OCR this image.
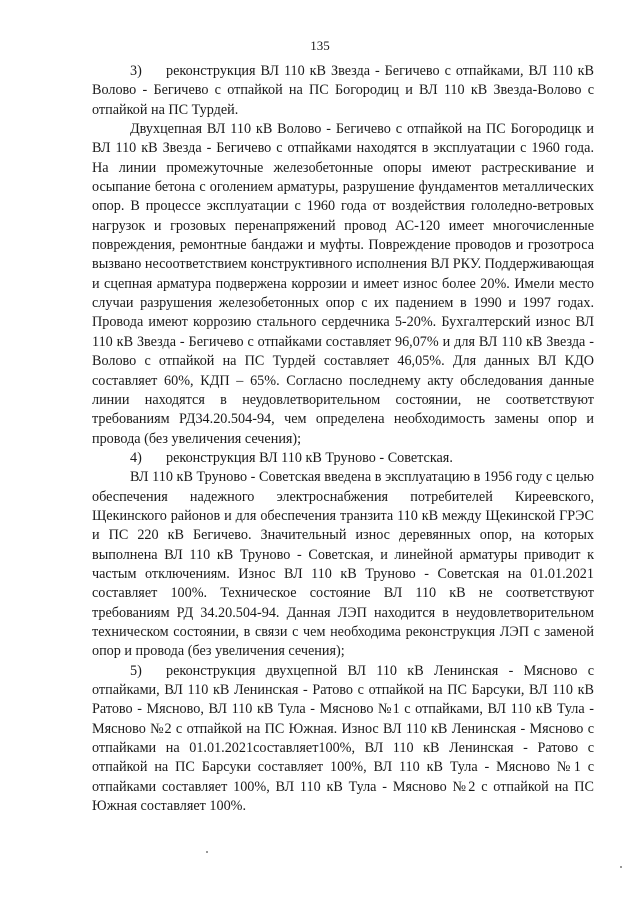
135
3) реконструкция ВЛ 110 кВ Звезда - Бегичево с отпайками, ВЛ 110 кВ Волово - Бегичево с отпайкой на ПС Богородиц и ВЛ 110 кВ Звезда-Волово с отпайкой на ПС Турдей.

Двухцепная ВЛ 110 кВ Волово - Бегичево с отпайкой на ПС Богородицк и ВЛ 110 кВ Звезда - Бегичево с отпайками находятся в эксплуатации с 1960 года. На линии промежуточные железобетонные опоры имеют растрескивание и осыпание бетона с оголением арматуры, разрушение фундаментов металлических опор. В процессе эксплуатации с 1960 года от воздействия гололедно-ветровых нагрузок и грозовых перенапряжений провод АС-120 имеет многочисленные повреждения, ремонтные бандажи и муфты. Повреждение проводов и грозотроса вызвано несоответствием конструктивного исполнения ВЛ РКУ. Поддерживающая и сцепная арматура подвержена коррозии и имеет износ более 20%. Имели место случаи разрушения железобетонных опор с их падением в 1990 и 1997 годах. Провода имеют коррозию стального сердечника 5-20%. Бухгалтерский износ ВЛ 110 кВ Звезда - Бегичево с отпайками составляет 96,07% и для ВЛ 110 кВ Звезда - Волово с отпайкой на ПС Турдей составляет 46,05%. Для данных ВЛ КДО составляет 60%, КДП – 65%. Согласно последнему акту обследования данные линии находятся в неудовлетворительном состоянии, не соответствуют требованиям РД34.20.504-94, чем определена необходимость замены опор и провода (без увеличения сечения);

4) реконструкция ВЛ 110 кВ Труново - Советская.

ВЛ 110 кВ Труново - Советская введена в эксплуатацию в 1956 году с целью обеспечения надежного электроснабжения потребителей Киреевского, Щекинского районов и для обеспечения транзита 110 кВ между Щекинской ГРЭС и ПС 220 кВ Бегичево. Значительный износ деревянных опор, на которых выполнена ВЛ 110 кВ Труново - Советская, и линейной арматуры приводит к частым отключениям. Износ ВЛ 110 кВ Труново - Советская на 01.01.2021 составляет 100%. Техническое состояние ВЛ 110 кВ не соответствуют требованиям РД 34.20.504-94. Данная ЛЭП находится в неудовлетворительном техническом состоянии, в связи с чем необходима реконструкция ЛЭП с заменой опор и провода (без увеличения сечения);

5) реконструкция двухцепной ВЛ 110 кВ Ленинская - Мясново с отпайками, ВЛ 110 кВ Ленинская - Ратово с отпайкой на ПС Барсуки, ВЛ 110 кВ Ратово - Мясново, ВЛ 110 кВ Тула - Мясново №1 с отпайками, ВЛ 110 кВ Тула - Мясново №2 с отпайкой на ПС Южная. Износ ВЛ 110 кВ Ленинская - Мясново с отпайками на 01.01.2021составляет100%, ВЛ 110 кВ Ленинская - Ратово с отпайкой на ПС Барсуки составляет 100%, ВЛ 110 кВ Тула - Мясново №1 с отпайками составляет 100%, ВЛ 110 кВ Тула - Мясново №2 с отпайкой на ПС Южная составляет 100%.
